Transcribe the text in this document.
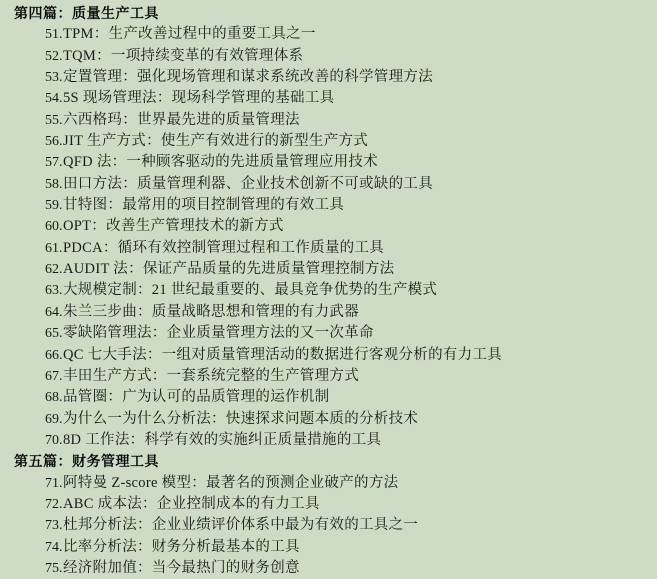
第四篇：质量生产工具
51.TPM：生产改善过程中的重要工具之一
52.TQM：一项持续变革的有效管理体系
53.定置管理：强化现场管理和谋求系统改善的科学管理方法
54.5S 现场管理法：现场科学管理的基础工具
55.六西格玛：世界最先进的质量管理法
56.JIT 生产方式：使生产有效进行的新型生产方式
57.QFD 法：一种顾客驱动的先进质量管理应用技术
58.田口方法：质量管理利器、企业技术创新不可或缺的工具
59.甘特图：最常用的项目控制管理的有效工具
60.OPT：改善生产管理技术的新方式
61.PDCA：循环有效控制管理过程和工作质量的工具
62.AUDIT 法：保证产品质量的先进质量管理控制方法
63.大规模定制：21 世纪最重要的、最具竞争优势的生产模式
64.朱兰三步曲：质量战略思想和管理的有力武器
65.零缺陷管理法：企业质量管理方法的又一次革命
66.QC 七大手法：一组对质量管理活动的数据进行客观分析的有力工具
67.丰田生产方式：一套系统完整的生产管理方式
68.品管圈：广为认可的品质管理的运作机制
69.为什么一为什么分析法：快速探求问题本质的分析技术
70.8D 工作法：科学有效的实施纠正质量措施的工具
第五篇：财务管理工具
71.阿特曼 Z-score 模型：最著名的预测企业破产的方法
72.ABC 成本法：企业控制成本的有力工具
73.杜邦分析法：企业业绩评价体系中最为有效的工具之一
74.比率分析法：财务分析最基本的工具
75.经济附加值：当今最热门的财务创意
